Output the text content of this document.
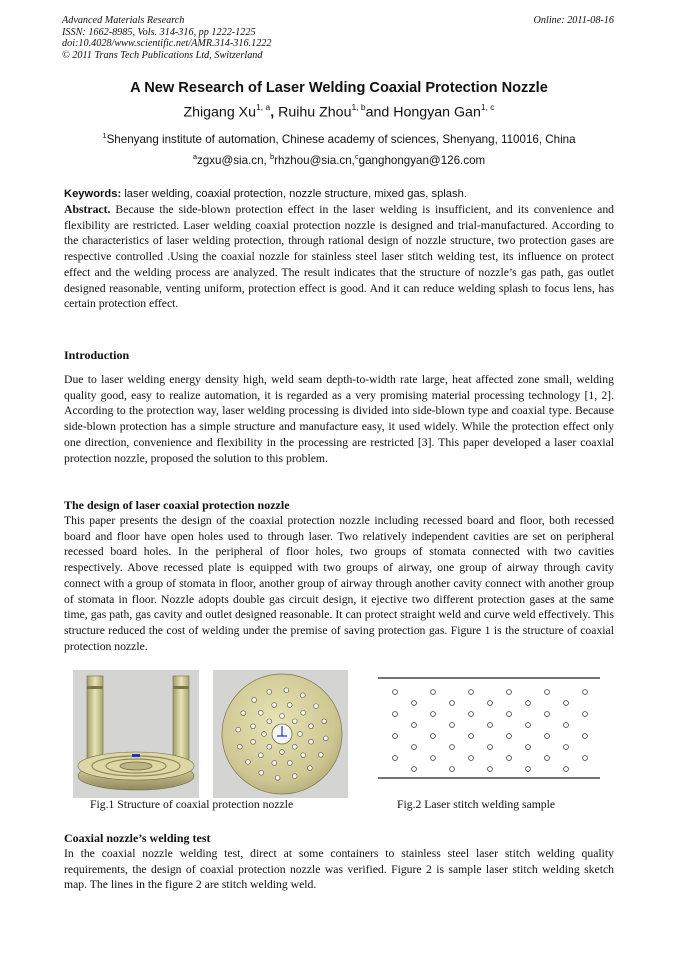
Advanced Materials Research
ISSN: 1662-8985, Vols. 314-316, pp 1222-1225
doi:10.4028/www.scientific.net/AMR.314-316.1222
© 2011 Trans Tech Publications Ltd, Switzerland
Online: 2011-08-16
A New Research of Laser Welding Coaxial Protection Nozzle
Zhigang Xu$^{1, a}$, Ruihu Zhou$^{1, b}$and Hongyan Gan$^{1, c}$
$^1$Shenyang institute of automation, Chinese academy of sciences, Shenyang, 110016, China
$^a$zgxu@sia.cn, $^b$rhzhou@sia.cn,$^c$ganghongyan@126.com
Keywords: laser welding, coaxial protection, nozzle structure, mixed gas, splash.
Abstract. Because the side-blown protection effect in the laser welding is insufficient, and its convenience and flexibility are restricted. Laser welding coaxial protection nozzle is designed and trial-manufactured. According to the characteristics of laser welding protection, through rational design of nozzle structure, two protection gases are respective controlled .Using the coaxial nozzle for stainless steel laser stitch welding test, its influence on protect effect and the welding process are analyzed. The result indicates that the structure of nozzle’s gas path, gas outlet designed reasonable, venting uniform, protection effect is good. And it can reduce welding splash to focus lens, has certain protection effect.
Introduction
Due to laser welding energy density high, weld seam depth-to-width rate large, heat affected zone small, welding quality good, easy to realize automation, it is regarded as a very promising material processing technology [1, 2]. According to the protection way, laser welding processing is divided into side-blown type and coaxial type. Because side-blown protection has a simple structure and manufacture easy, it used widely. While the protection effect only one direction, convenience and flexibility in the processing are restricted [3]. This paper developed a laser coaxial protection nozzle, proposed the solution to this problem.
The design of laser coaxial protection nozzle
This paper presents the design of the coaxial protection nozzle including recessed board and floor, both recessed board and floor have open holes used to through laser. Two relatively independent cavities are set on peripheral recessed board holes. In the peripheral of floor holes, two groups of stomata connected with two cavities respectively. Above recessed plate is equipped with two groups of airway, one group of airway through cavity connect with a group of stomata in floor, another group of airway through another cavity connect with another group of stomata in floor. Nozzle adopts double gas circuit design, it ejective two different protection gases at the same time, gas path, gas cavity and outlet designed reasonable. It can protect straight weld and curve weld effectively. This structure reduced the cost of welding under the premise of saving protection gas. Figure 1 is the structure of coaxial protection nozzle.
Fig.1 Structure of coaxial protection nozzle	Fig.2 Laser stitch welding sample
Coaxial nozzle’s welding test
In the coaxial nozzle welding test, direct at some containers to stainless steel laser stitch welding quality requirements, the design of coaxial protection nozzle was verified. Figure 2 is sample laser stitch welding sketch map. The lines in the figure 2 are stitch welding weld.
